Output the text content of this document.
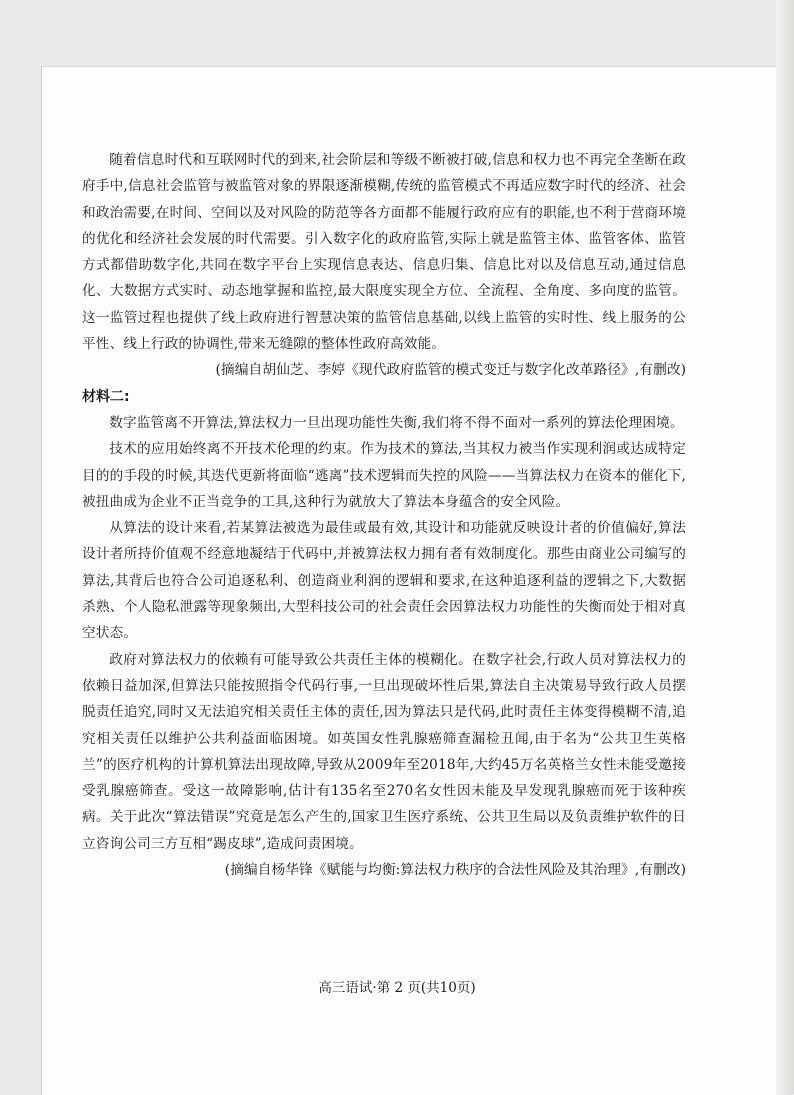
随着信息时代和互联网时代的到来,社会阶层和等级不断被打破,信息和权力也不再完全垄断在政府手中,信息社会监管与被监管对象的界限逐渐模糊,传统的监管模式不再适应数字时代的经济、社会和政治需要,在时间、空间以及对风险的防范等各方面都不能履行政府应有的职能,也不利于营商环境的优化和经济社会发展的时代需要。引入数字化的政府监管,实际上就是监管主体、监管客体、监管方式都借助数字化,共同在数字平台上实现信息表达、信息归集、信息比对以及信息互动,通过信息化、大数据方式实时、动态地掌握和监控,最大限度实现全方位、全流程、全角度、多向度的监管。这一监管过程也提供了线上政府进行智慧决策的监管信息基础,以线上监管的实时性、线上服务的公平性、线上行政的协调性,带来无缝隙的整体性政府高效能。

(摘编自胡仙芝、李婷《现代政府监管的模式变迁与数字化改革路径》,有删改)

材料二:

数字监管离不开算法,算法权力一旦出现功能性失衡,我们将不得不面对一系列的算法伦理困境。

技术的应用始终离不开技术伦理的约束。作为技术的算法,当其权力被当作实现利润或达成特定目的的手段的时候,其迭代更新将面临“逃离”技术逻辑而失控的风险——当算法权力在资本的催化下,被扭曲成为企业不正当竞争的工具,这种行为就放大了算法本身蕴含的安全风险。

从算法的设计来看,若某算法被选为最佳或最有效,其设计和功能就反映设计者的价值偏好,算法设计者所持价值观不经意地凝结于代码中,并被算法权力拥有者有效制度化。那些由商业公司编写的算法,其背后也符合公司追逐私利、创造商业利润的逻辑和要求,在这种追逐利益的逻辑之下,大数据杀熟、个人隐私泄露等现象频出,大型科技公司的社会责任会因算法权力功能性的失衡而处于相对真空状态。

政府对算法权力的依赖有可能导致公共责任主体的模糊化。在数字社会,行政人员对算法权力的依赖日益加深,但算法只能按照指令代码行事,一旦出现破坏性后果,算法自主决策易导致行政人员摆脱责任追究,同时又无法追究相关责任主体的责任,因为算法只是代码,此时责任主体变得模糊不清,追究相关责任以维护公共利益面临困境。如英国女性乳腺癌筛查漏检丑闻,由于名为“公共卫生英格兰”的医疗机构的计算机算法出现故障,导致从2009年至2018年,大约45万名英格兰女性未能受邀接受乳腺癌筛查。受这一故障影响,估计有135名至270名女性因未能及早发现乳腺癌而死于该种疾病。关于此次“算法错误”究竟是怎么产生的,国家卫生医疗系统、公共卫生局以及负责维护软件的日立咨询公司三方互相“踢皮球”,造成问责困境。

(摘编自杨华锋《赋能与均衡:算法权力秩序的合法性风险及其治理》,有删改)

高三语试·第 2 页(共10页)
